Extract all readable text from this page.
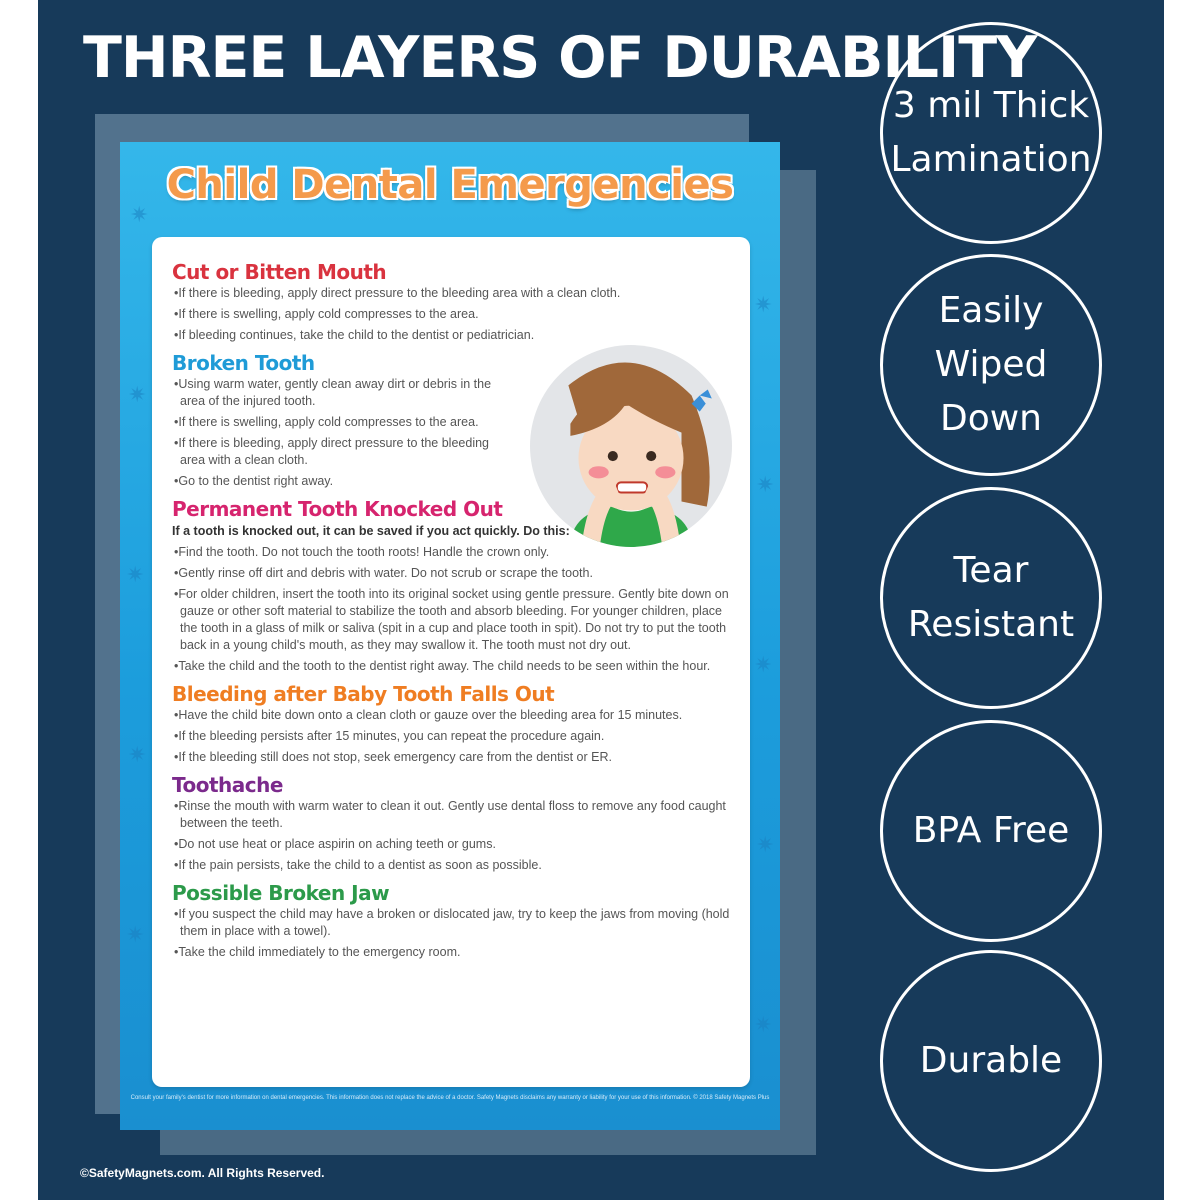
THREE LAYERS OF DURABILITY
✷
✷
✷
✷
✷
✷
✷
✷
✷
✷
Child Dental Emergencies
Cut or Bitten Mouth
• If there is bleeding, apply direct pressure to the bleeding area with a clean cloth.
• If there is swelling, apply cold compresses to the area.
• If bleeding continues, take the child to the dentist or pediatrician.
Broken Tooth
• Using warm water, gently clean away dirt or debris in the area of the injured tooth.
• If there is swelling, apply cold compresses to the area.
• If there is bleeding, apply direct pressure to the bleeding area with a clean cloth.
• Go to the dentist right away.
Permanent Tooth Knocked Out
If a tooth is knocked out, it can be saved if you act quickly. Do this:
• Find the tooth. Do not touch the tooth roots! Handle the crown only.
• Gently rinse off dirt and debris with water. Do not scrub or scrape the tooth.
• For older children, insert the tooth into its original socket using gentle pressure. Gently bite down on gauze or other soft material to stabilize the tooth and absorb bleeding. For younger children, place the tooth in a glass of milk or saliva (spit in a cup and place tooth in spit). Do not try to put the tooth back in a young child's mouth, as they may swallow it. The tooth must not dry out.
• Take the child and the tooth to the dentist right away. The child needs to be seen within the hour.
Bleeding after Baby Tooth Falls Out
• Have the child bite down onto a clean cloth or gauze over the bleeding area for 15 minutes.
• If the bleeding persists after 15 minutes, you can repeat the procedure again.
• If the bleeding still does not stop, seek emergency care from the dentist or ER.
Toothache
• Rinse the mouth with warm water to clean it out. Gently use dental floss to remove any food caught between the teeth.
• Do not use heat or place aspirin on aching teeth or gums.
• If the pain persists, take the child to a dentist as soon as possible.
Possible Broken Jaw
• If you suspect the child may have a broken or dislocated jaw, try to keep the jaws from moving (hold them in place with a towel).
• Take the child immediately to the emergency room.
Consult your family's dentist for more information on dental emergencies. This information does not replace the advice of a doctor. Safety Magnets disclaims any warranty or liability for your use of this information. © 2018 Safety Magnets Plus
3 mil Thick Lamination
Easily Wiped Down
Tear Resistant
BPA Free
Durable
©SafetyMagnets.com. All Rights Reserved.
